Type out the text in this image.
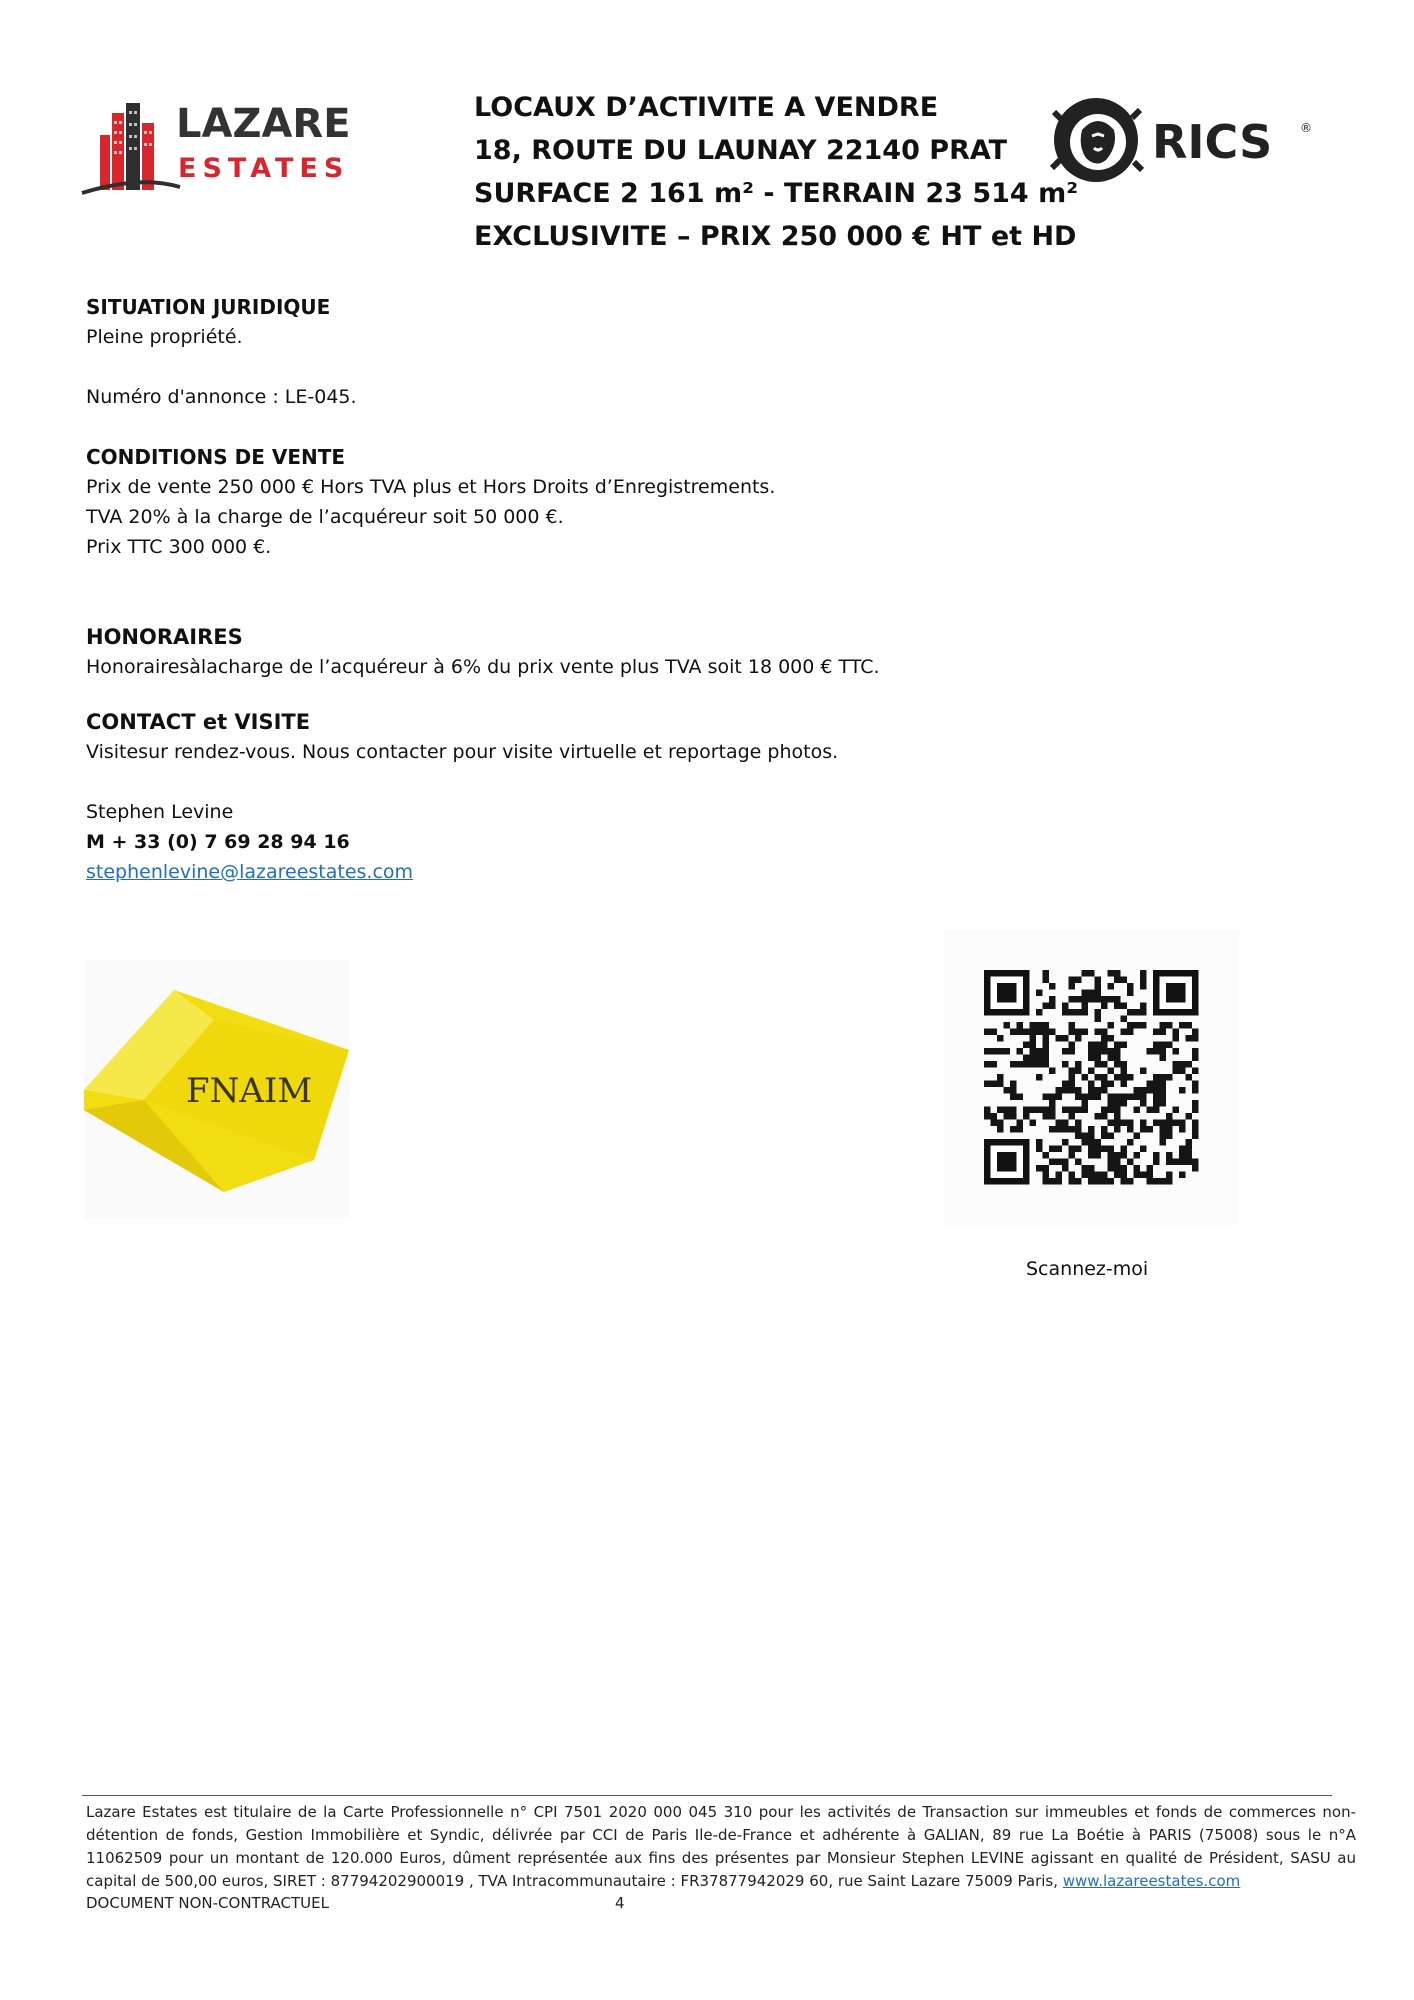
LAZARE
ESTATES
LOCAUX D’ACTIVITE A VENDRE
18, ROUTE DU LAUNAY 22140 PRAT
SURFACE 2 161 m² - TERRAIN 23 514 m²
EXCLUSIVITE – PRIX 250 000 € HT et HD
RICS ®
SITUATION JURIDIQUE
Pleine propriété.
Numéro d'annonce : LE-045.
CONDITIONS DE VENTE
Prix de vente 250 000 € Hors TVA plus et Hors Droits d’Enregistrements.
TVA 20% à la charge de l’acquéreur soit 50 000 €.
Prix TTC 300 000 €.
HONORAIRES
Honorairesàlacharge de l’acquéreur à 6% du prix vente plus TVA soit 18 000 € TTC.
CONTACT et VISITE
Visitesur rendez-vous. Nous contacter pour visite virtuelle et reportage photos.
Stephen Levine
M + 33 (0) 7 69 28 94 16
stephenlevine@lazareestates.com
FNAIM
Scannez-moi
Lazare Estates est titulaire de la Carte Professionnelle n° CPI 7501 2020 000 045 310 pour les activités de Transaction sur immeubles et fonds de commerces non-détention de fonds, Gestion Immobilière et Syndic, délivrée par CCI de Paris Ile-de-France et adhérente à GALIAN, 89 rue La Boétie à PARIS (75008) sous le n°A 11062509 pour un montant de 120.000 Euros, dûment représentée aux fins des présentes par Monsieur Stephen LEVINE agissant en qualité de Président, SASU au capital de 500,00 euros, SIRET : 87794202900019 , TVA Intracommunautaire : FR37877942029 60, rue Saint Lazare 75009 Paris, www.lazareestates.com
DOCUMENT NON-CONTRACTUEL	4
